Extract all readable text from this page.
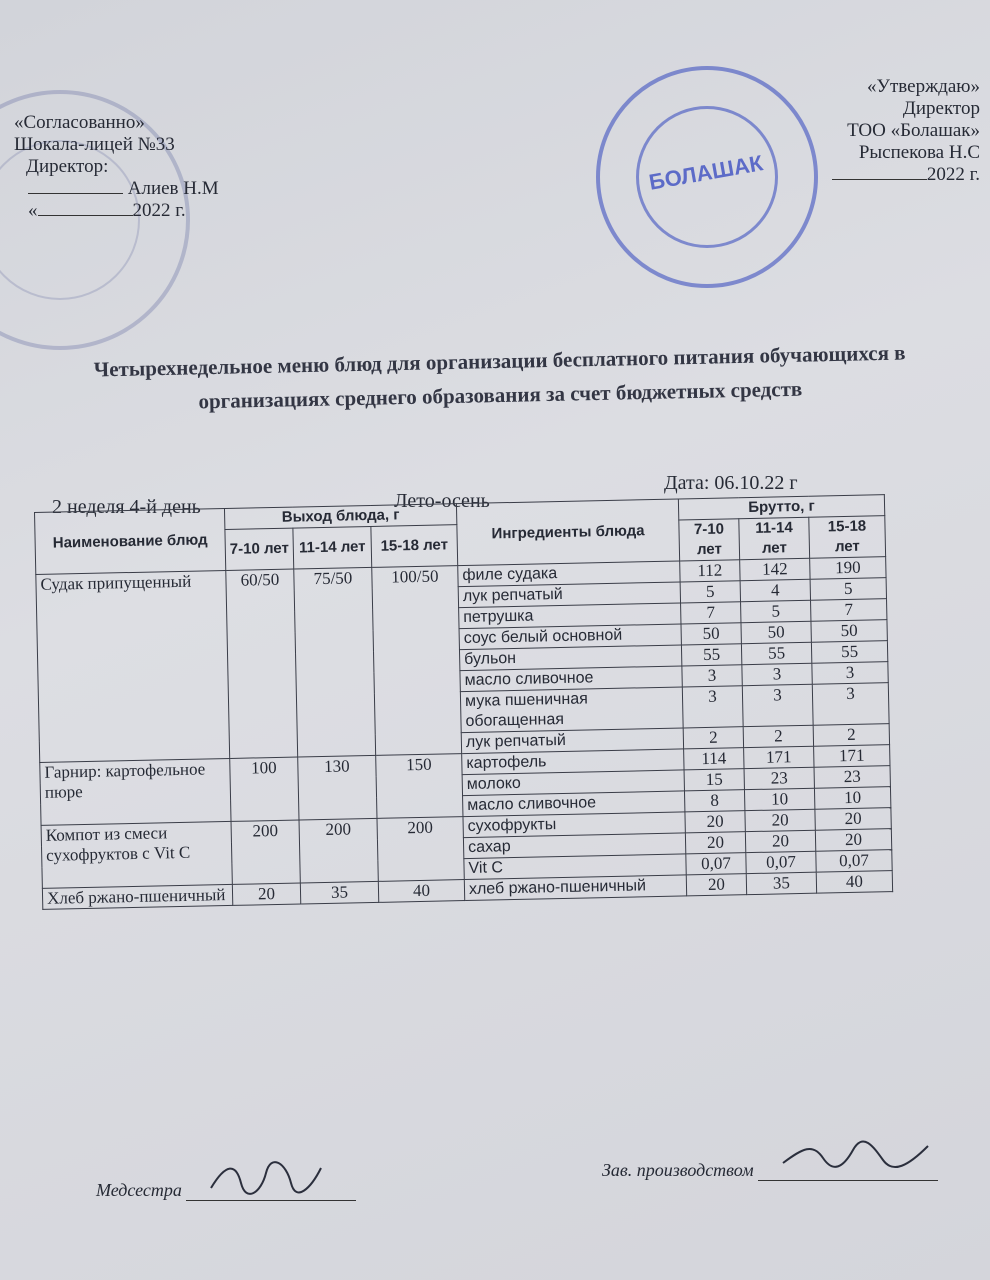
БОЛАШАК
«Согласованно»
Шокала-лицей №33
Директор:
Алиев Н.М
«	2022 г.
«Утверждаю»
Директор
ТОО «Болашак»
Рыспекова Н.С
2022 г.
Четырехнедельное меню блюд для организации бесплатного питания обучающихся в организациях среднего образования за счет бюджетных средств
2 неделя 4-й день	Лето-осень
Дата: 06.10.22 г
Наименование блюд	Выход блюда, г			Ингредиенты блюда	Брутто, г		
	7-10 лет	11-14 лет	15-18 лет		7-10 лет	11-14 лет	15-18 лет
Судак припущенный	60/50	75/50	100/50	филе судака	112	142	190
				лук репчатый	5	4	5
				петрушка	7	5	7
				соус белый основной	50	50	50
				бульон	55	55	55
				масло сливочное	3	3	3
				мука пшеничная обогащенная	3	3	3
				лук репчатый	2	2	2
Гарнир: картофельное пюре	100	130	150	картофель	114	171	171
				молоко	15	23	23
				масло сливочное	8	10	10
Компот из смеси сухофруктов с Vit C	200	200	200	сухофрукты	20	20	20
				сахар	20	20	20
				Vit C	0,07	0,07	0,07
Хлеб ржано-пшеничный	20	35	40	хлеб ржано-пшеничный	20	35	40
Медсестра
Зав. производством
